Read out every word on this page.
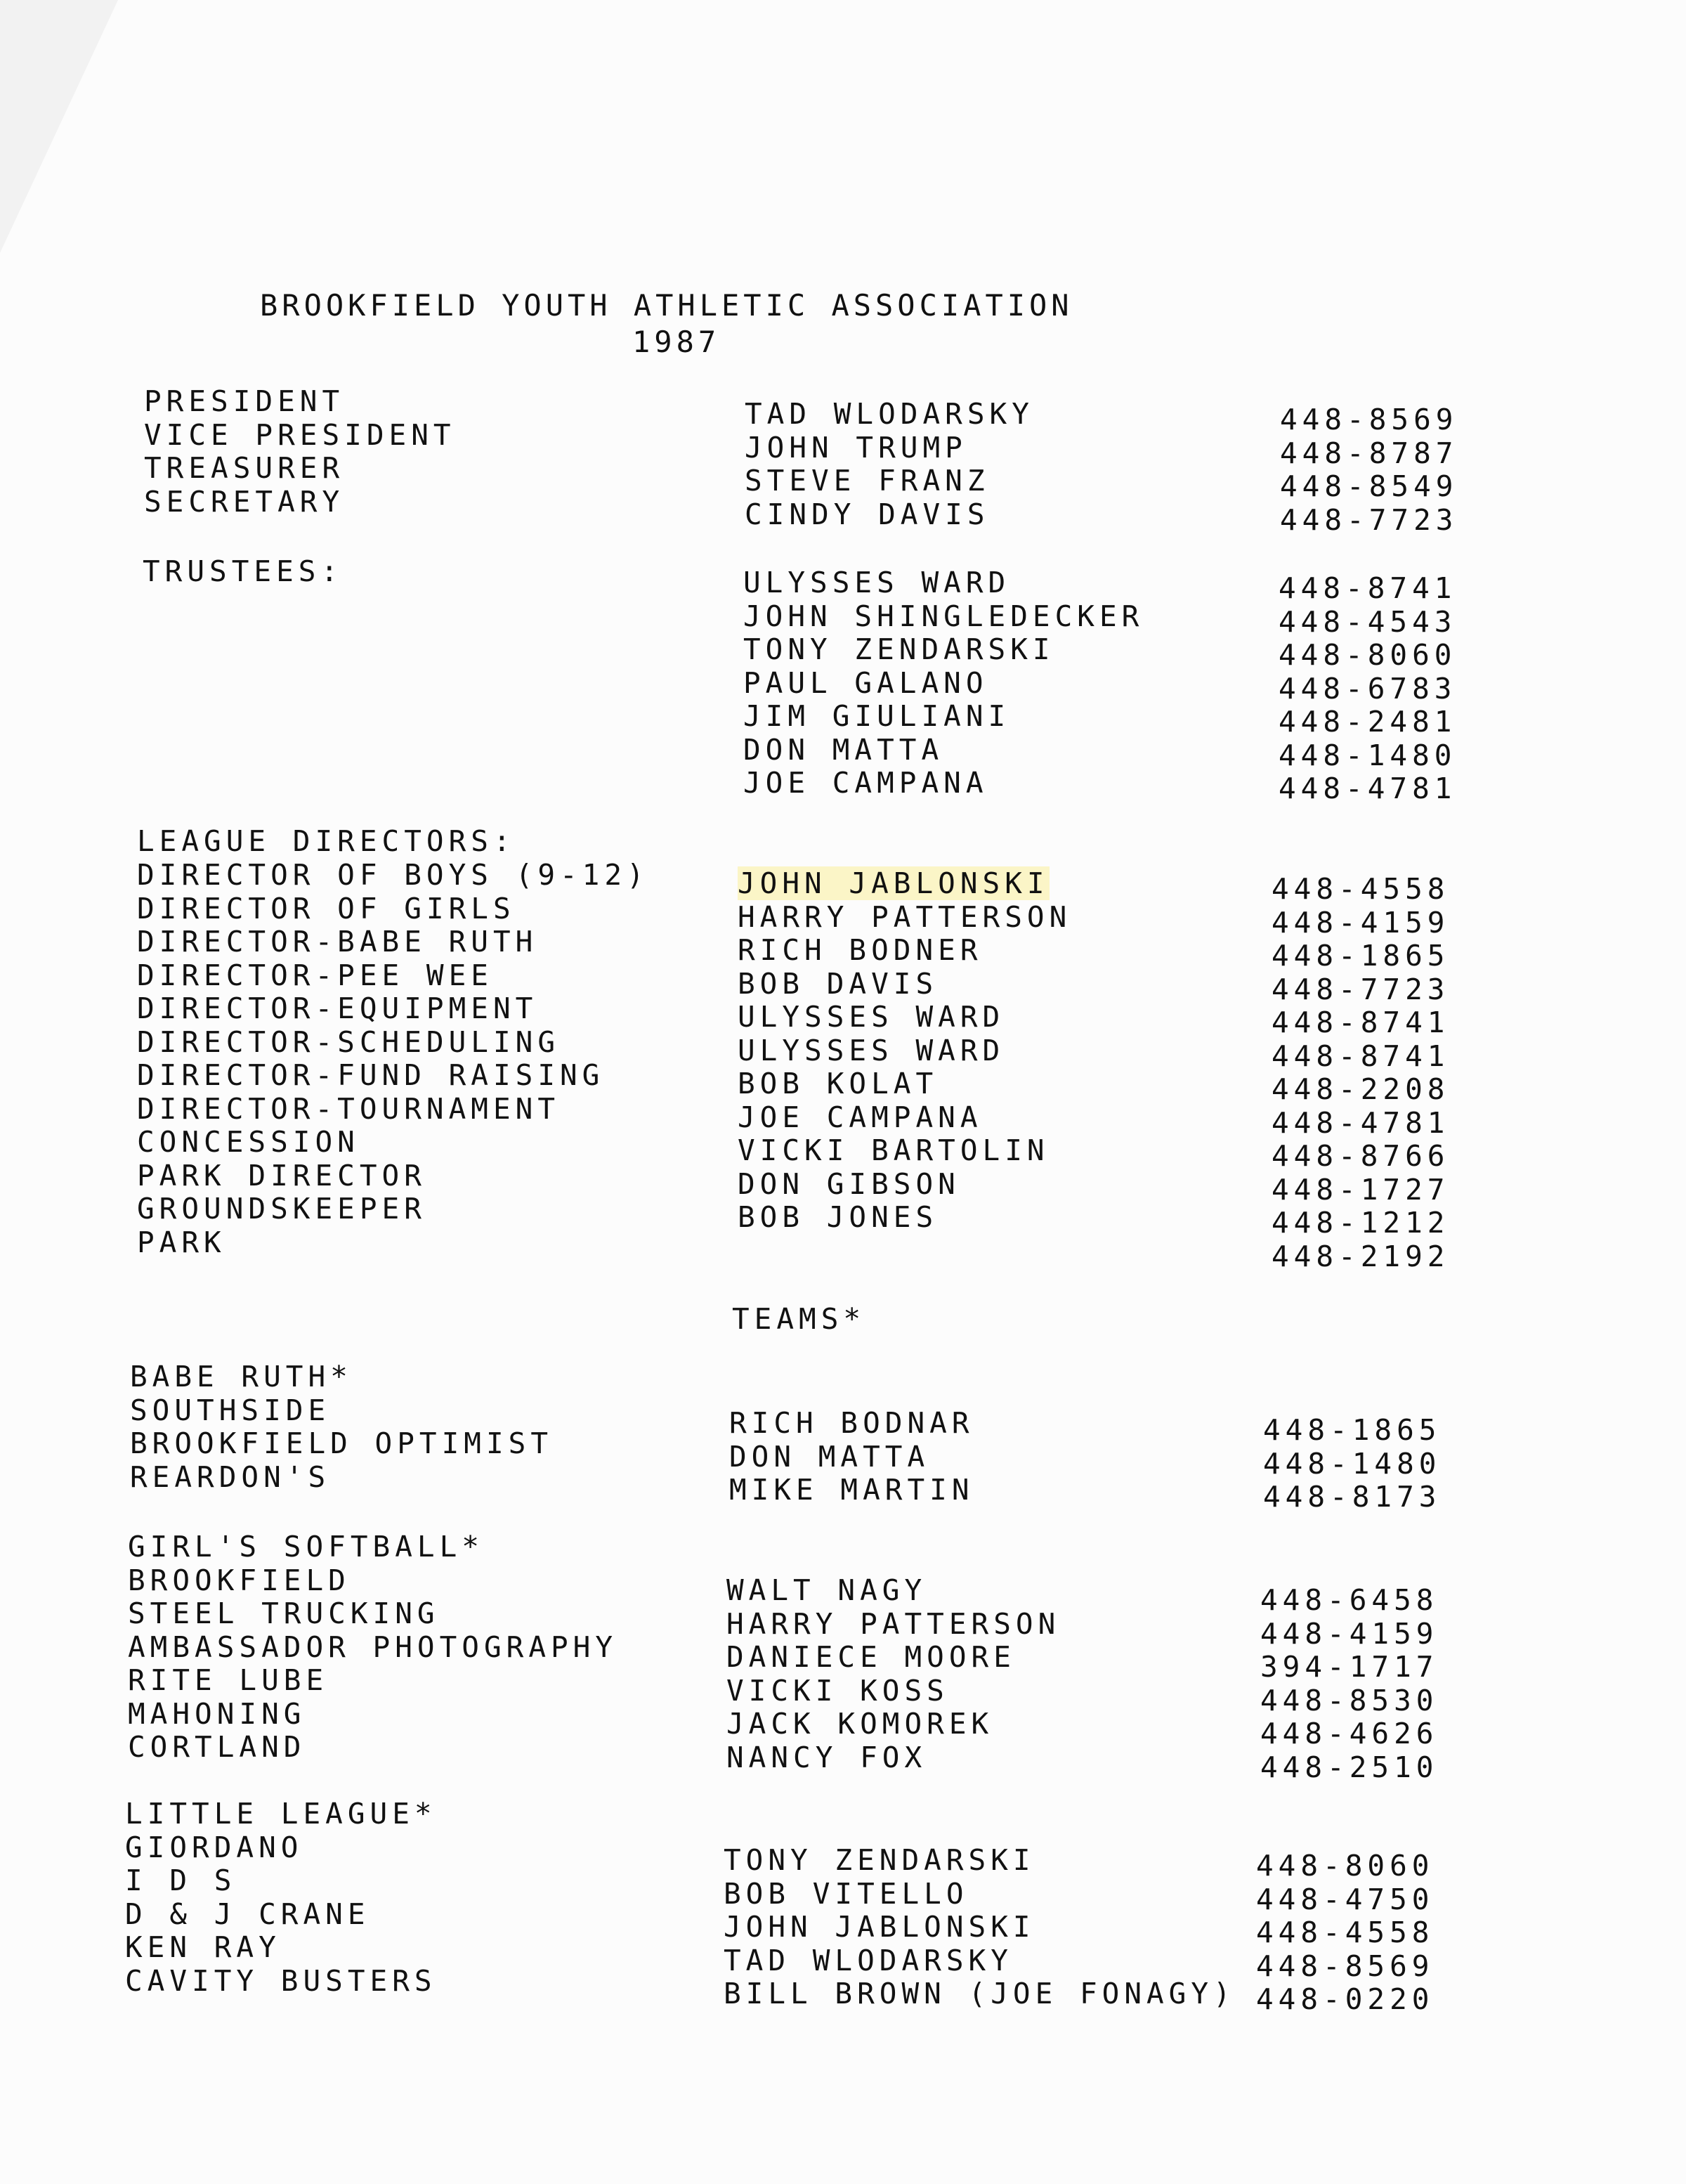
BROOKFIELD YOUTH ATHLETIC ASSOCIATION
1987
PRESIDENT
VICE PRESIDENT
TREASURER
SECRETARY
TAD WLODARSKY
JOHN TRUMP
STEVE FRANZ
CINDY DAVIS
448-8569
448-8787
448-8549
448-7723
TRUSTEES:	ULYSSES WARD
JOHN SHINGLEDECKER
TONY ZENDARSKI
PAUL GALANO
JIM GIULIANI
DON MATTA
JOE CAMPANA
448-8741
448-4543
448-8060
448-6783
448-2481
448-1480
448-4781
LEAGUE DIRECTORS:
DIRECTOR OF BOYS (9-12)
DIRECTOR OF GIRLS
DIRECTOR-BABE RUTH
DIRECTOR-PEE WEE
DIRECTOR-EQUIPMENT
DIRECTOR-SCHEDULING
DIRECTOR-FUND RAISING
DIRECTOR-TOURNAMENT
CONCESSION
PARK DIRECTOR
GROUNDSKEEPER
PARK
JOHN JABLONSKI
HARRY PATTERSON
RICH BODNER
BOB DAVIS
ULYSSES WARD
ULYSSES WARD
BOB KOLAT
JOE CAMPANA
VICKI BARTOLIN
DON GIBSON
BOB JONES
448-4558
448-4159
448-1865
448-7723
448-8741
448-8741
448-2208
448-4781
448-8766
448-1727
448-1212
448-2192
TEAMS*
BABE RUTH*
SOUTHSIDE
BROOKFIELD OPTIMIST
REARDON'S
RICH BODNAR
DON MATTA
MIKE MARTIN
448-1865
448-1480
448-8173
GIRL'S SOFTBALL*
BROOKFIELD
STEEL TRUCKING
AMBASSADOR PHOTOGRAPHY
RITE LUBE
MAHONING
CORTLAND
WALT NAGY
HARRY PATTERSON
DANIECE MOORE
VICKI KOSS
JACK KOMOREK
NANCY FOX
448-6458
448-4159
394-1717
448-8530
448-4626
448-2510
LITTLE LEAGUE*
GIORDANO
I D S
D & J CRANE
KEN RAY
CAVITY BUSTERS
TONY ZENDARSKI
BOB VITELLO
JOHN JABLONSKI
TAD WLODARSKY
BILL BROWN (JOE FONAGY)
448-8060
448-4750
448-4558
448-8569
448-0220
